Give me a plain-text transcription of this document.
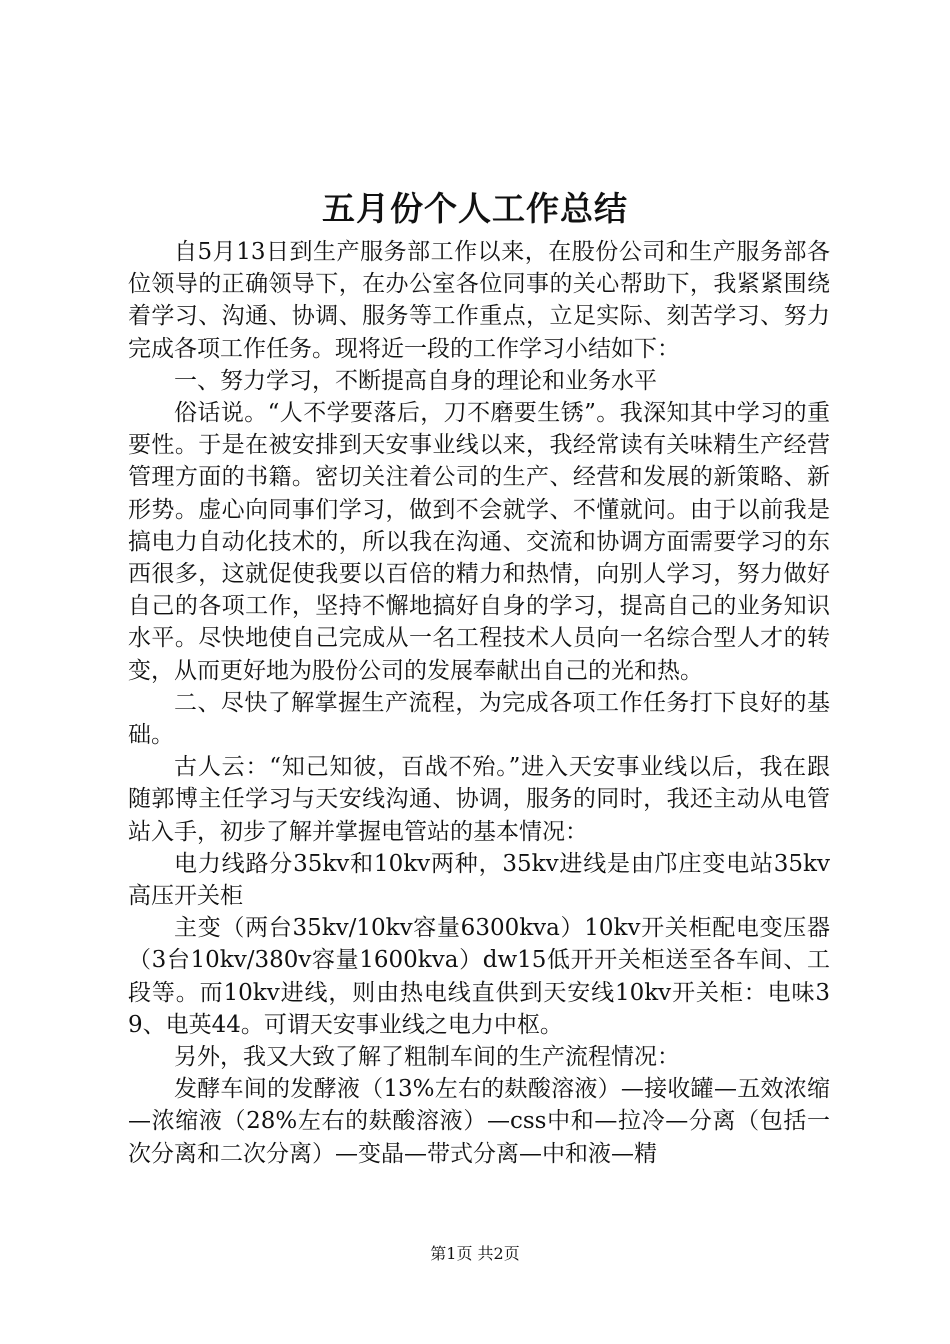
五月份个人工作总结

自5月13日到生产服务部工作以来，在股份公司和生产服务部各位领导的正确领导下，在办公室各位同事的关心帮助下，我紧紧围绕着学习、沟通、协调、服务等工作重点，立足实际、刻苦学习、努力完成各项工作任务。现将近一段的工作学习小结如下：

一、努力学习，不断提高自身的理论和业务水平

俗话说。“人不学要落后，刀不磨要生锈”。我深知其中学习的重要性。于是在被安排到天安事业线以来，我经常读有关味精生产经营管理方面的书籍。密切关注着公司的生产、经营和发展的新策略、新形势。虚心向同事们学习，做到不会就学、不懂就问。由于以前我是搞电力自动化技术的，所以我在沟通、交流和协调方面需要学习的东西很多，这就促使我要以百倍的精力和热情，向别人学习，努力做好自己的各项工作，坚持不懈地搞好自身的学习，提高自己的业务知识水平。尽快地使自己完成从一名工程技术人员向一名综合型人才的转变，从而更好地为股份公司的发展奉献出自己的光和热。

二、尽快了解掌握生产流程，为完成各项工作任务打下良好的基础。

古人云：“知己知彼，百战不殆。”进入天安事业线以后，我在跟随郭博主任学习与天安线沟通、协调，服务的同时，我还主动从电管站入手，初步了解并掌握电管站的基本情况：

电力线路分35kv和10kv两种，35kv进线是由邝庄变电站35kv高压开关柜

主变（两台35kv/10kv容量6300kva）10kv开关柜配电变压器（3台10kv/380v容量1600kva）dw15低开开关柜送至各车间、工段等。而10kv进线，则由热电线直供到天安线10kv开关柜：电味39、电英44。可谓天安事业线之电力中枢。

另外，我又大致了解了粗制车间的生产流程情况：

发酵车间的发酵液（13%左右的麸酸溶液）—接收罐—五效浓缩—浓缩液（28%左右的麸酸溶液）—css中和—拉冷—分离（包括一次分离和二次分离）—变晶—带式分离—中和液—精

第1页 共2页
